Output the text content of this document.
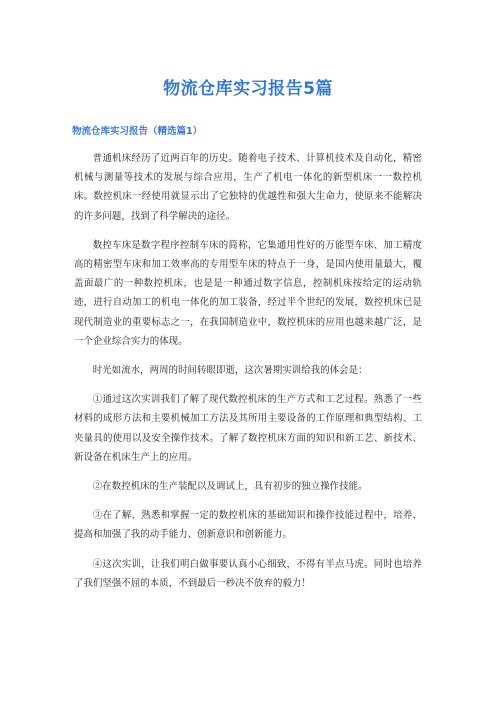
物流仓库实习报告5篇
物流仓库实习报告（精选篇1）

普通机床经历了近两百年的历史。随着电子技术、计算机技术及自动化，精密机械与测量等技术的发展与综合应用，生产了机电一体化的新型机床一一数控机床。数控机床一经使用就显示出了它独特的优越性和强大生命力，使原来不能解决的许多问题，找到了科学解决的途径。

数控车床是数字程序控制车床的简称，它集通用性好的万能型车床、加工精度高的精密型车床和加工效率高的专用型车床的特点于一身，是国内使用量最大，覆盖面最广的一种数控机床，也是是一种通过数字信息，控制机床按给定的运动轨迹，进行自动加工的机电一体化的加工装备，经过半个世纪的发展，数控机床已是现代制造业的重要标志之一，在我国制造业中，数控机床的应用也越来越广泛，是一个企业综合实力的体现。

时光如流水，两周的时间转眼即逝，这次暑期实训给我的体会是：

①通过这次实训我们了解了现代数控机床的生产方式和工艺过程。熟悉了一些材料的成形方法和主要机械加工方法及其所用主要设备的工作原理和典型结构、工夹量具的使用以及安全操作技术。了解了数控机床方面的知识和新工艺、新技术、新设备在机床生产上的应用。

②在数控机床的生产装配以及调试上，具有初步的独立操作技能。

③在了解、熟悉和掌握一定的数控机床的基础知识和操作技能过程中，培养、提高和加强了我的动手能力、创新意识和创新能力。

④这次实训，让我们明白做事要认真小心细致，不得有半点马虎。同时也培养了我们坚强不屈的本质，不到最后一秒决不放弃的毅力！
